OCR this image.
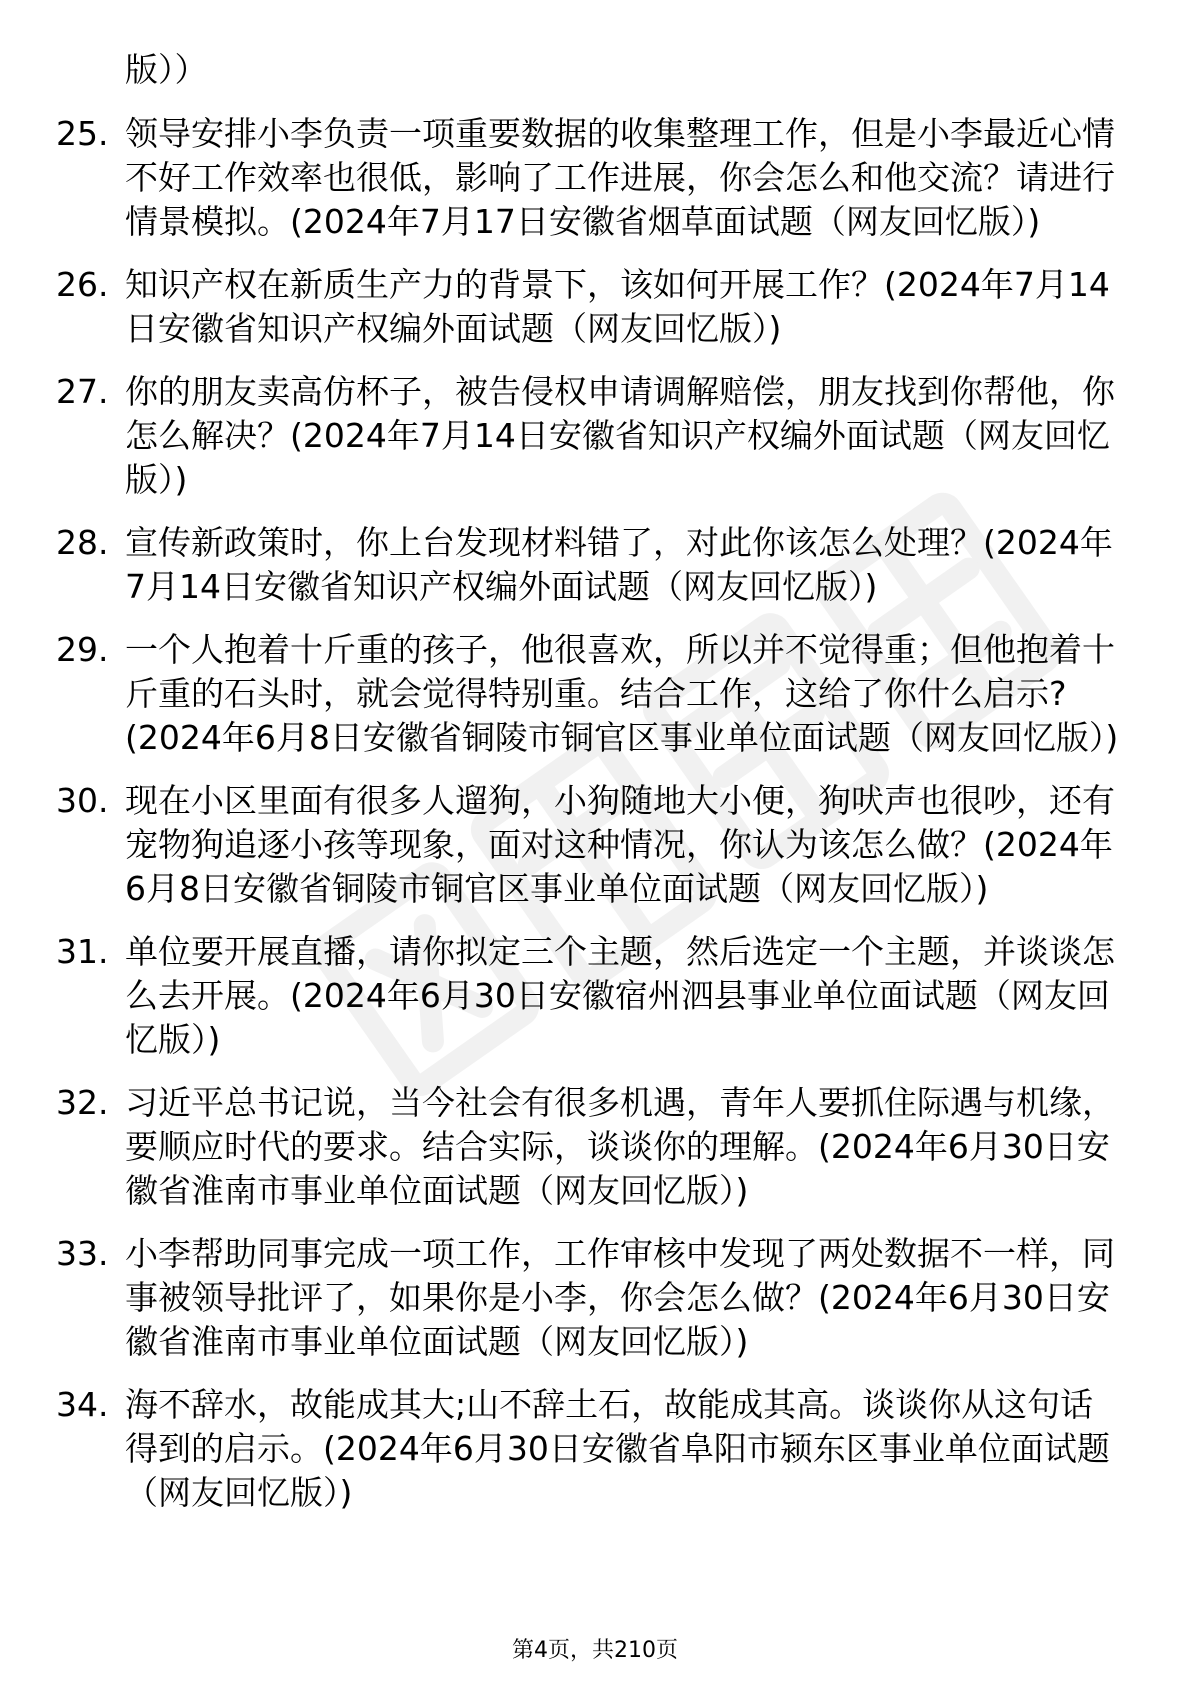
版））

25. 领导安排小李负责一项重要数据的收集整理工作，但是小李最近心情不好工作效率也很低，影响了工作进展，你会怎么和他交流？请进行情景模拟。(2024年7月17日安徽省烟草面试题（网友回忆版）)
26. 知识产权在新质生产力的背景下，该如何开展工作？(2024年7月14日安徽省知识产权编外面试题（网友回忆版）)
27. 你的朋友卖高仿杯子，被告侵权申请调解赔偿，朋友找到你帮他，你怎么解决？(2024年7月14日安徽省知识产权编外面试题（网友回忆版）)
28. 宣传新政策时，你上台发现材料错了，对此你该怎么处理？(2024年7月14日安徽省知识产权编外面试题（网友回忆版）)
29. 一个人抱着十斤重的孩子，他很喜欢，所以并不觉得重；但他抱着十斤重的石头时，就会觉得特别重。结合工作，这给了你什么启示?(2024年6月8日安徽省铜陵市铜官区事业单位面试题（网友回忆版）)
30. 现在小区里面有很多人遛狗，小狗随地大小便，狗吠声也很吵，还有宠物狗追逐小孩等现象，面对这种情况，你认为该怎么做？(2024年6月8日安徽省铜陵市铜官区事业单位面试题（网友回忆版）)
31. 单位要开展直播，请你拟定三个主题，然后选定一个主题，并谈谈怎么去开展。(2024年6月30日安徽宿州泗县事业单位面试题（网友回忆版）)
32. 习近平总书记说，当今社会有很多机遇，青年人要抓住际遇与机缘，要顺应时代的要求。结合实际，谈谈你的理解。(2024年6月30日安徽省淮南市事业单位面试题（网友回忆版）)
33. 小李帮助同事完成一项工作，工作审核中发现了两处数据不一样，同事被领导批评了，如果你是小李，你会怎么做？(2024年6月30日安徽省淮南市事业单位面试题（网友回忆版）)
34. 海不辞水，故能成其大;山不辞土石，故能成其高。谈谈你从这句话得到的启示。(2024年6月30日安徽省阜阳市颍东区事业单位面试题（网友回忆版）)
第4页，共210页
